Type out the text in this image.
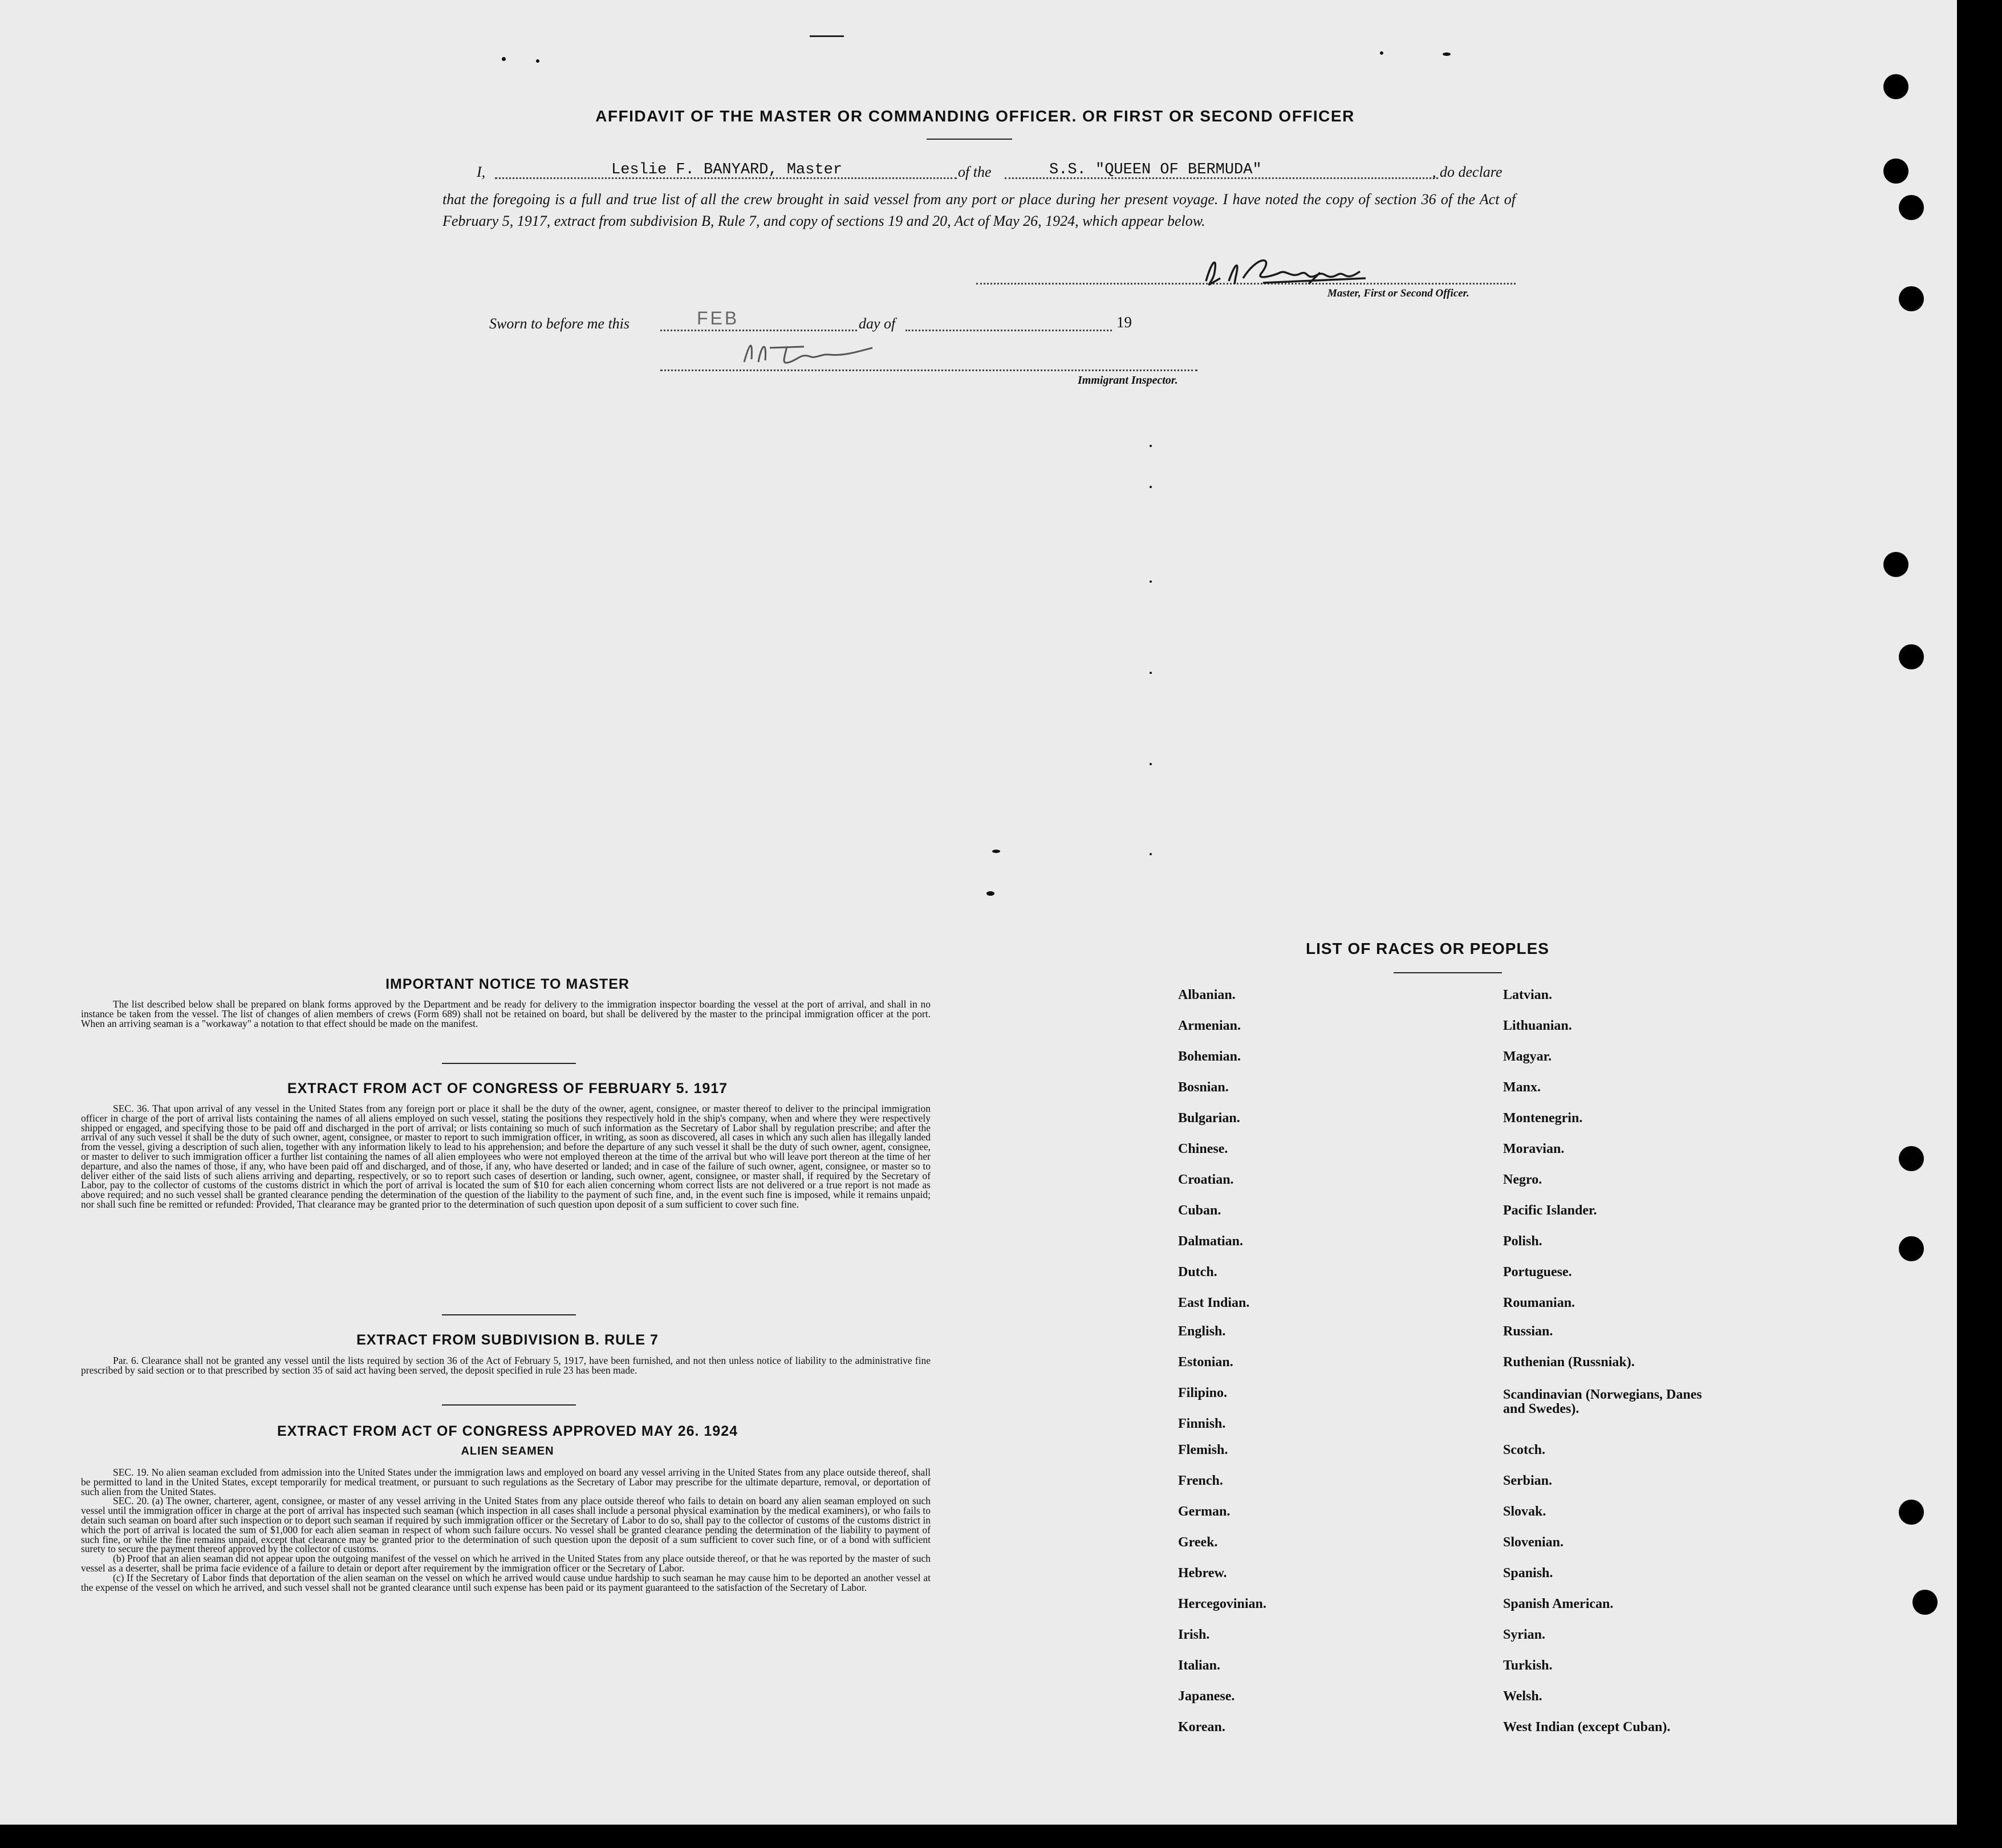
AFFIDAVIT OF THE MASTER OR COMMANDING OFFICER. OR FIRST OR SECOND OFFICER
I,	Leslie F. BANYARD, Master	of the	S.S. "QUEEN OF BERMUDA"	, do declare
that the foregoing is a full and true list of all the crew brought in said vessel from any port or place during her present voyage. I have noted the copy of section 36 of the Act of February 5, 1917, extract from subdivision B, Rule 7, and copy of sections 19 and 20, Act of May 26, 1924, which appear below.
Master, First or Second Officer.
Sworn to before me this	FEB	day of	19
Immigrant Inspector.
IMPORTANT NOTICE TO MASTER

The list described below shall be prepared on blank forms approved by the Department and be ready for delivery to the immigration inspector boarding the vessel at the port of arrival, and shall in no instance be taken from the vessel. The list of changes of alien members of crews (Form 689) shall not be retained on board, but shall be delivered by the master to the principal immigration officer at the port. When an arriving seaman is a "workaway" a notation to that effect should be made on the manifest.

EXTRACT FROM ACT OF CONGRESS OF FEBRUARY 5. 1917

SEC. 36. That upon arrival of any vessel in the United States from any foreign port or place it shall be the duty of the owner, agent, consignee, or master thereof to deliver to the principal immigration officer in charge of the port of arrival lists containing the names of all aliens employed on such vessel, stating the positions they respectively hold in the ship's company, when and where they were respectively shipped or engaged, and specifying those to be paid off and discharged in the port of arrival; or lists containing so much of such information as the Secretary of Labor shall by regulation prescribe; and after the arrival of any such vessel it shall be the duty of such owner, agent, consignee, or master to report to such immigration officer, in writing, as soon as discovered, all cases in which any such alien has illegally landed from the vessel, giving a description of such alien, together with any information likely to lead to his apprehension; and before the departure of any such vessel it shall be the duty of such owner, agent, consignee, or master to deliver to such immigration officer a further list containing the names of all alien employees who were not employed thereon at the time of the arrival but who will leave port thereon at the time of her departure, and also the names of those, if any, who have been paid off and discharged, and of those, if any, who have deserted or landed; and in case of the failure of such owner, agent, consignee, or master so to deliver either of the said lists of such aliens arriving and departing, respectively, or so to report such cases of desertion or landing, such owner, agent, consignee, or master shall, if required by the Secretary of Labor, pay to the collector of customs of the customs district in which the port of arrival is located the sum of $10 for each alien concerning whom correct lists are not delivered or a true report is not made as above required; and no such vessel shall be granted clearance pending the determination of the question of the liability to the payment of such fine, and, in the event such fine is imposed, while it remains unpaid; nor shall such fine be remitted or refunded: Provided, That clearance may be granted prior to the determination of such question upon deposit of a sum sufficient to cover such fine.

EXTRACT FROM SUBDIVISION B. RULE 7

Par. 6. Clearance shall not be granted any vessel until the lists required by section 36 of the Act of February 5, 1917, have been furnished, and not then unless notice of liability to the administrative fine prescribed by said section or to that prescribed by section 35 of said act having been served, the deposit specified in rule 23 has been made.

EXTRACT FROM ACT OF CONGRESS APPROVED MAY 26. 1924
ALIEN SEAMEN

SEC. 19. No alien seaman excluded from admission into the United States under the immigration laws and employed on board any vessel arriving in the United States from any place outside thereof, shall be permitted to land in the United States, except temporarily for medical treatment, or pursuant to such regulations as the Secretary of Labor may prescribe for the ultimate departure, removal, or deportation of such alien from the United States.

SEC. 20. (a) The owner, charterer, agent, consignee, or master of any vessel arriving in the United States from any place outside thereof who fails to detain on board any alien seaman employed on such vessel until the immigration officer in charge at the port of arrival has inspected such seaman (which inspection in all cases shall include a personal physical examination by the medical examiners), or who fails to detain such seaman on board after such inspection or to deport such seaman if required by such immigration officer or the Secretary of Labor to do so, shall pay to the collector of customs of the customs district in which the port of arrival is located the sum of $1,000 for each alien seaman in respect of whom such failure occurs. No vessel shall be granted clearance pending the determination of the liability to payment of such fine, or while the fine remains unpaid, except that clearance may be granted prior to the determination of such question upon the deposit of a sum sufficient to cover such fine, or of a bond with sufficient surety to secure the payment thereof approved by the collector of customs.

(b) Proof that an alien seaman did not appear upon the outgoing manifest of the vessel on which he arrived in the United States from any place outside thereof, or that he was reported by the master of such vessel as a deserter, shall be prima facie evidence of a failure to detain or deport after requirement by the immigration officer or the Secretary of Labor.

(c) If the Secretary of Labor finds that deportation of the alien seaman on the vessel on which he arrived would cause undue hardship to such seaman he may cause him to be deported an another vessel at the expense of the vessel on which he arrived, and such vessel shall not be granted clearance until such expense has been paid or its payment guaranteed to the satisfaction of the Secretary of Labor.

LIST OF RACES OR PEOPLES
Albanian.
Armenian.
Bohemian.
Bosnian.
Bulgarian.
Chinese.
Croatian.
Cuban.
Dalmatian.
Dutch.
East Indian.
English.
Estonian.
Filipino.
Finnish.
Flemish.
French.
German.
Greek.
Hebrew.
Hercegovinian.
Irish.
Italian.
Japanese.
Korean.
Latvian.
Lithuanian.
Magyar.
Manx.
Montenegrin.
Moravian.
Negro.
Pacific Islander.
Polish.
Portuguese.
Roumanian.
Russian.
Ruthenian (Russniak).
Scandinavian (Norwegians, Danes and Swedes).
Scotch.
Serbian.
Slovak.
Slovenian.
Spanish.
Spanish American.
Syrian.
Turkish.
Welsh.
West Indian (except Cuban).
